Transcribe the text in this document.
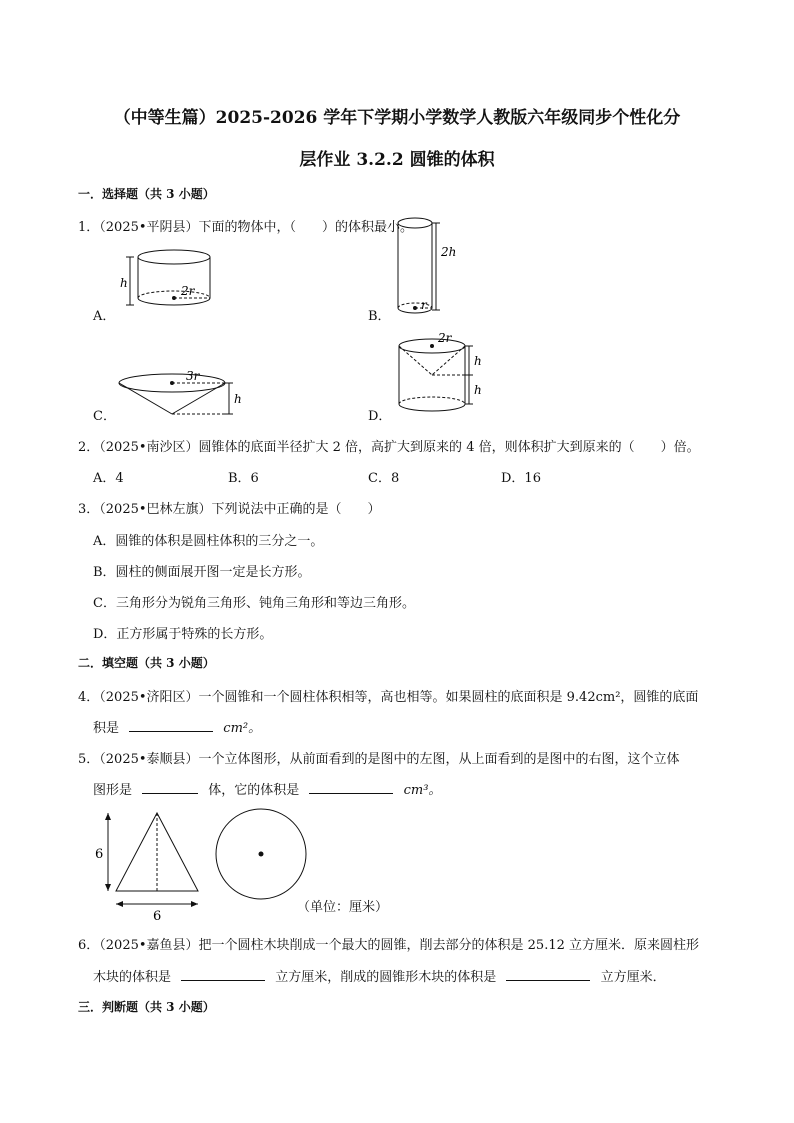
（中等生篇）2025-2026 学年下学期小学数学人教版六年级同步个性化分
层作业 3.2.2 圆锥的体积
一．选择题（共 3 小题）
1．（2025•平阴县）下面的物体中，（　　）的体积最小。
A．	B．
C．	D．
h
2r
2h
r
3r
h
2r
h
h
2．（2025•南沙区）圆锥体的底面半径扩大 2 倍，高扩大到原来的 4 倍，则体积扩大到原来的（　　）倍。
A．4	B．6	C．8	D．16
3．（2025•巴林左旗）下列说法中正确的是（　　）
A．圆锥的体积是圆柱体积的三分之一。
B．圆柱的侧面展开图一定是长方形。
C．三角形分为锐角三角形、钝角三角形和等边三角形。
D．正方形属于特殊的长方形。
二．填空题（共 3 小题）
4．（2025•济阳区）一个圆锥和一个圆柱体积相等，高也相等。如果圆柱的底面积是 9.42cm²，圆锥的底面
积是	cm²。
5．（2025•泰顺县）一个立体图形，从前面看到的是图中的左图，从上面看到的是图中的右图，这个立体
图形是	体，它的体积是	cm³。
6
6
（单位：厘米）
6．（2025•嘉鱼县）把一个圆柱木块削成一个最大的圆锥，削去部分的体积是 25.12 立方厘米．原来圆柱形
木块的体积是	立方厘米，削成的圆锥形木块的体积是	立方厘米．
三．判断题（共 3 小题）
